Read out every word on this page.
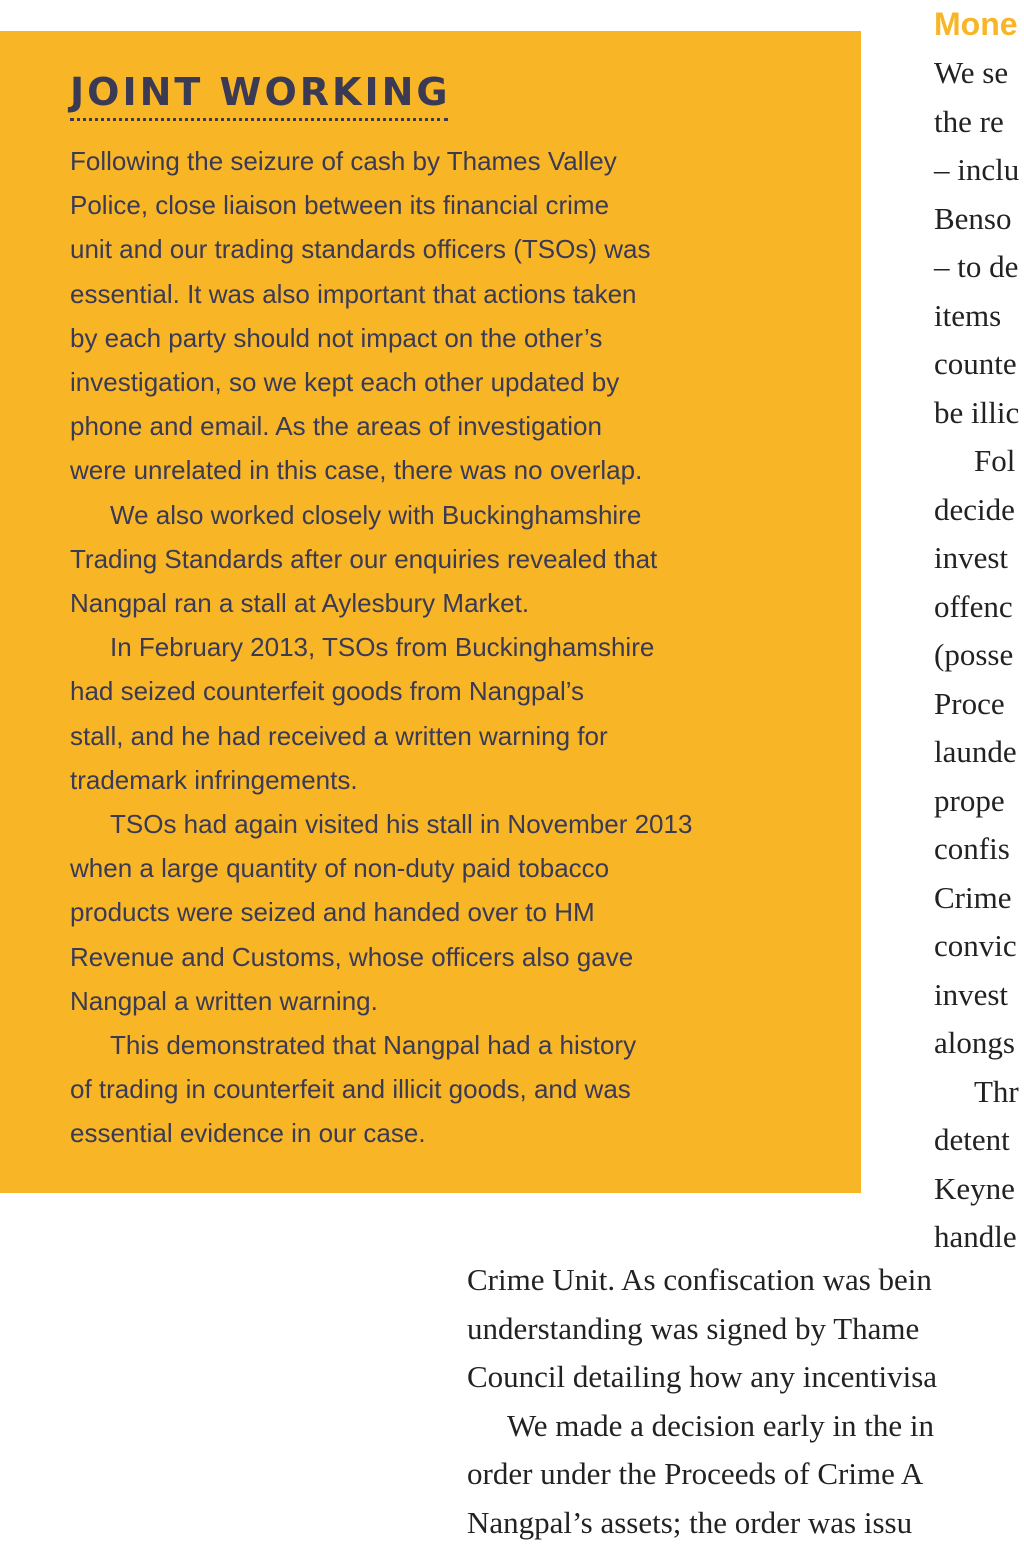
JOINT WORKING

Following the seizure of cash by Thames Valley
Police, close liaison between its financial crime
unit and our trading standards officers (TSOs) was
essential. It was also important that actions taken
by each party should not impact on the other’s
investigation, so we kept each other updated by
phone and email. As the areas of investigation
were unrelated in this case, there was no overlap.

We also worked closely with Buckinghamshire
Trading Standards after our enquiries revealed that
Nangpal ran a stall at Aylesbury Market.

In February 2013, TSOs from Buckinghamshire
had seized counterfeit goods from Nangpal’s
stall, and he had received a written warning for
trademark infringements.

TSOs had again visited his stall in November 2013
when a large quantity of non-duty paid tobacco
products were seized and handed over to HM
Revenue and Customs, whose officers also gave
Nangpal a written warning.

This demonstrated that Nangpal had a history
of trading in counterfeit and illicit goods, and was
essential evidence in our case.

Mone
We se
the re
– inclu
Benso
– to de
items
counte
be illic
Fol
decide
invest
offenc
(posse
Proce
launde
prope
confis
Crime
convic
invest
alongs
Thr
detent
Keyne
handle
Crime Unit. As confiscation was bein
understanding was signed by Thame
Council detailing how any incentivisa
We made a decision early in the in
order under the Proceeds of Crime A
Nangpal’s assets; the order was issu
